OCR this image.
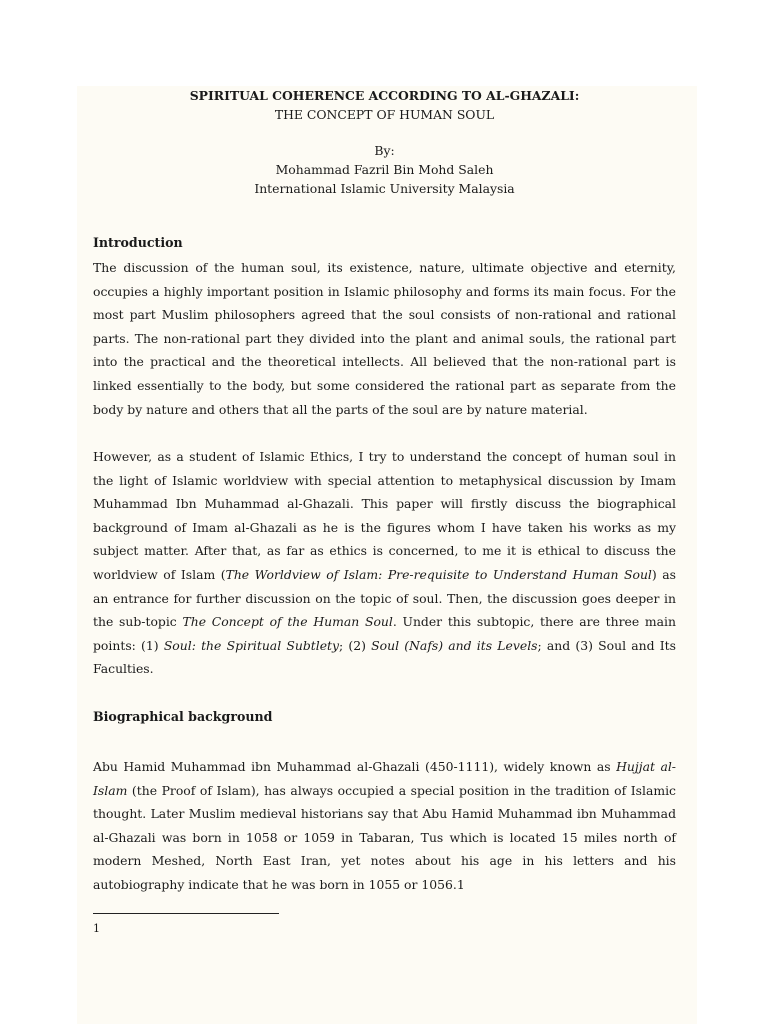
SPIRITUAL COHERENCE ACCORDING TO AL-GHAZALI:
THE CONCEPT OF HUMAN SOUL
By:
Mohammad Fazril Bin Mohd Saleh
International Islamic University Malaysia
Introduction

The discussion of the human soul, its existence, nature, ultimate objective and eternity, occupies a highly important position in Islamic philosophy and forms its main focus. For the most part Muslim philosophers agreed that the soul consists of non-rational and rational parts. The non-rational part they divided into the plant and animal souls, the rational part into the practical and the theoretical intellects. All believed that the non-rational part is linked essentially to the body, but some considered the rational part as separate from the body by nature and others that all the parts of the soul are by nature material.

However, as a student of Islamic Ethics, I try to understand the concept of human soul in the light of Islamic worldview with special attention to metaphysical discussion by Imam Muhammad Ibn Muhammad al-Ghazali. This paper will firstly discuss the biographical background of Imam al-Ghazali as he is the figures whom I have taken his works as my subject matter. After that, as far as ethics is concerned, to me it is ethical to discuss the worldview of Islam (The Worldview of Islam: Pre-requisite to Understand Human Soul) as an entrance for further discussion on the topic of soul. Then, the discussion goes deeper in the sub-topic The Concept of the Human Soul. Under this subtopic, there are three main points: (1) Soul: the Spiritual Subtlety; (2) Soul (Nafs) and its Levels; and (3) Soul and Its Faculties.

Biographical background

Abu Hamid Muhammad ibn Muhammad al-Ghazali (450-1111), widely known as Hujjat al-Islam (the Proof of Islam), has always occupied a special position in the tradition of Islamic thought. Later Muslim medieval historians say that Abu Hamid Muhammad ibn Muhammad al-Ghazali was born in 1058 or 1059 in Tabaran, Tus which is located 15 miles north of modern Meshed, North East Iran, yet notes about his age in his letters and his autobiography indicate that he was born in 1055 or 1056.1

1
